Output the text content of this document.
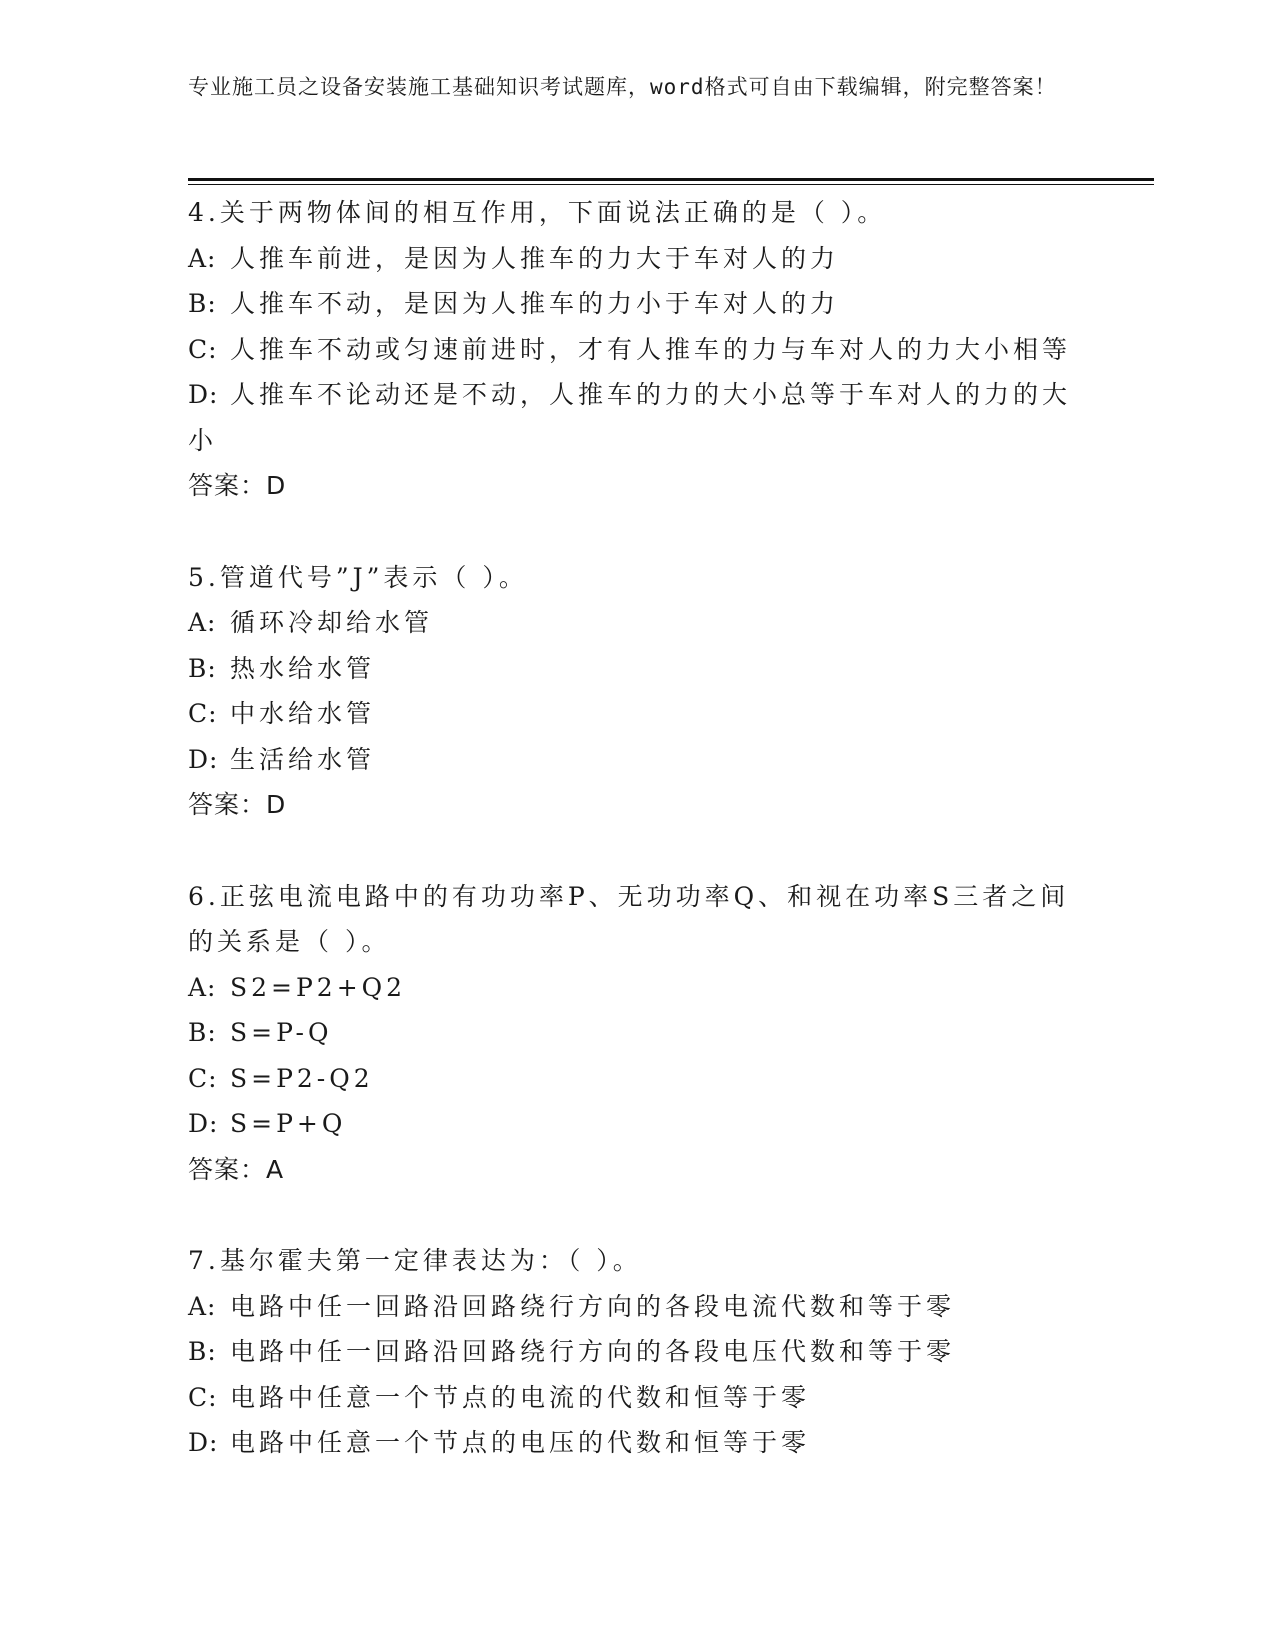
专业施工员之设备安装施工基础知识考试题库，word格式可自由下载编辑，附完整答案！

4.关于两物体间的相互作用，下面说法正确的是（ ）。

A: 人推车前进，是因为人推车的力大于车对人的力

B: 人推车不动，是因为人推车的力小于车对人的力

C: 人推车不动或匀速前进时，才有人推车的力与车对人的力大小相等

D: 人推车不论动还是不动，人推车的力的大小总等于车对人的力的大小

答案：D

5.管道代号”J”表示（ ）。

A: 循环冷却给水管

B: 热水给水管

C: 中水给水管

D: 生活给水管

答案：D

6.正弦电流电路中的有功功率P、无功功率Q、和视在功率S三者之间的关系是（ ）。

A: S2=P2+Q2

B: S=P-Q

C: S=P2-Q2

D: S=P+Q

答案：A

7.基尔霍夫第一定律表达为：（ ）。

A: 电路中任一回路沿回路绕行方向的各段电流代数和等于零

B: 电路中任一回路沿回路绕行方向的各段电压代数和等于零

C: 电路中任意一个节点的电流的代数和恒等于零

D: 电路中任意一个节点的电压的代数和恒等于零
